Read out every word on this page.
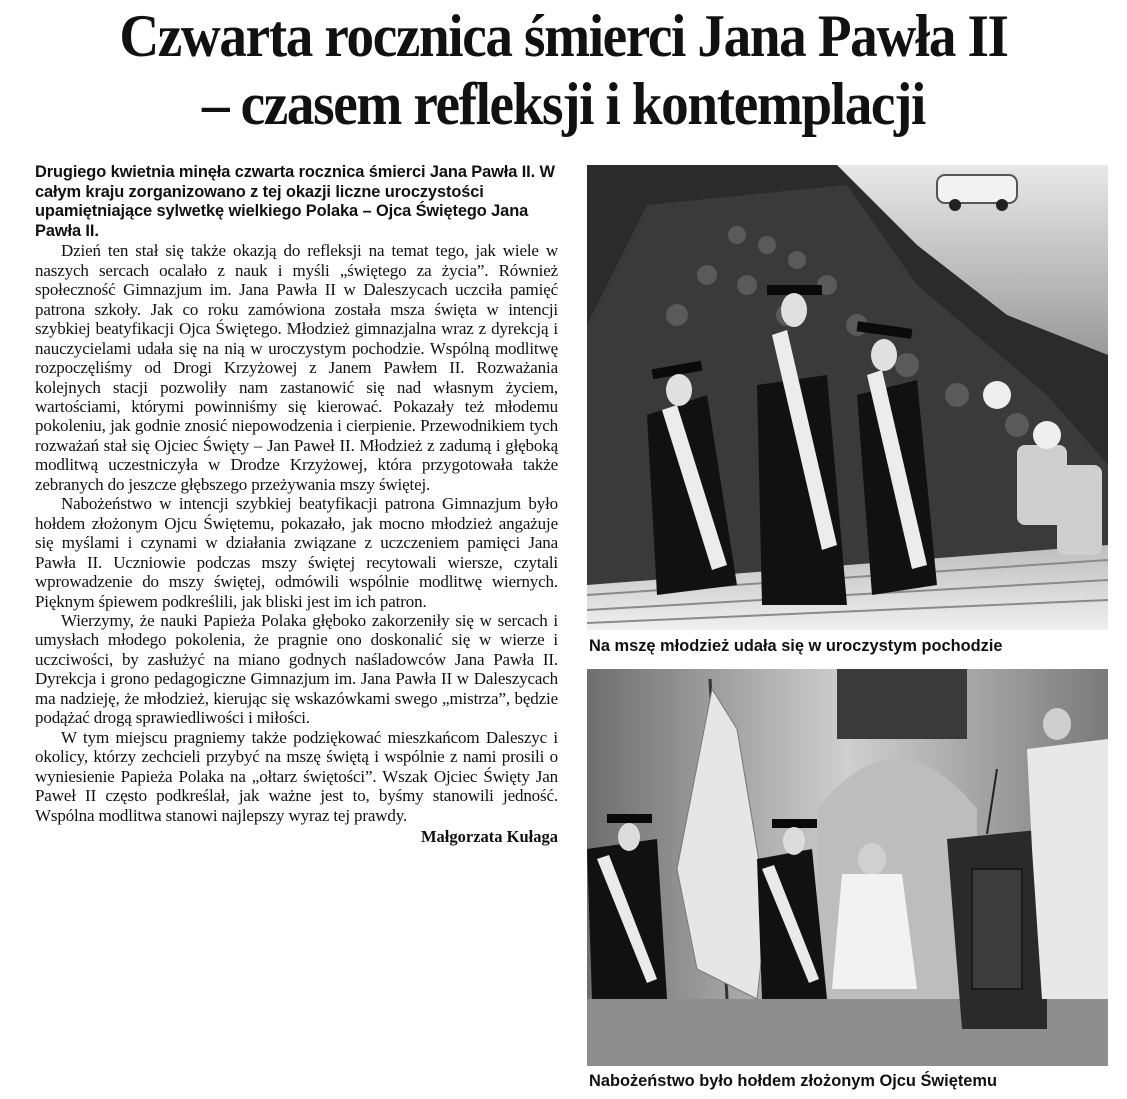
Czwarta rocznica śmierci Jana Pawła II
– czasem refleksji i kontemplacji

Drugiego kwietnia minęła czwarta rocznica śmierci Jana Pawła II. W całym kraju zorganizowano z tej okazji liczne uroczystości upamiętniające sylwetkę wielkiego Polaka – Ojca Świętego Jana Pawła II.

Dzień ten stał się także okazją do refleksji na temat tego, jak wiele w naszych sercach ocalało z nauk i myśli „świętego za życia”. Również społeczność Gimnazjum im. Jana Pawła II w Daleszycach uczciła pamięć patrona szkoły. Jak co roku zamówiona została msza święta w intencji szybkiej beatyfikacji Ojca Świętego. Młodzież gimnazjalna wraz z dyrekcją i nauczycielami udała się na nią w uroczystym pochodzie. Wspólną modlitwę rozpoczęliśmy od Drogi Krzyżowej z Janem Pawłem II. Rozważania kolejnych stacji pozwoliły nam zastanowić się nad własnym życiem, wartościami, którymi powinniśmy się kierować. Pokazały też młodemu pokoleniu, jak godnie znosić niepowodzenia i cierpienie. Przewodnikiem tych rozważań stał się Ojciec Święty – Jan Paweł II. Młodzież z zadumą i głęboką modlitwą uczestniczyła w Drodze Krzyżowej, która przygotowała także zebranych do jeszcze głębszego przeżywania mszy świętej.

Nabożeństwo w intencji szybkiej beatyfikacji patrona Gimnazjum było hołdem złożonym Ojcu Świętemu, pokazało, jak mocno młodzież angażuje się myślami i czynami w działania związane z uczczeniem pamięci Jana Pawła II. Uczniowie podczas mszy świętej recytowali wiersze, czytali wprowadzenie do mszy świętej, odmówili wspólnie modlitwę wiernych. Pięknym śpiewem podkreślili, jak bliski jest im ich patron.

Wierzymy, że nauki Papieża Polaka głęboko zakorzeniły się w sercach i umysłach młodego pokolenia, że pragnie ono doskonalić się w wierze i uczciwości, by zasłużyć na miano godnych naśladowców Jana Pawła II. Dyrekcja i grono pedagogiczne Gimnazjum im. Jana Pawła II w Daleszycach ma nadzieję, że młodzież, kierując się wskazówkami swego „mistrza”, będzie podążać drogą sprawiedliwości i miłości.

W tym miejscu pragniemy także podziękować mieszkańcom Daleszyc i okolicy, którzy zechcieli przybyć na mszę świętą i wspólnie z nami prosili o wyniesienie Papieża Polaka na „ołtarz świętości”. Wszak Ojciec Święty Jan Paweł II często podkreślał, jak ważne jest to, byśmy stanowili jedność. Wspólna modlitwa stanowi najlepszy wyraz tej prawdy.

Małgorzata Kułaga
Na mszę młodzież udała się w uroczystym pochodzie
Nabożeństwo było hołdem złożonym Ojcu Świętemu
